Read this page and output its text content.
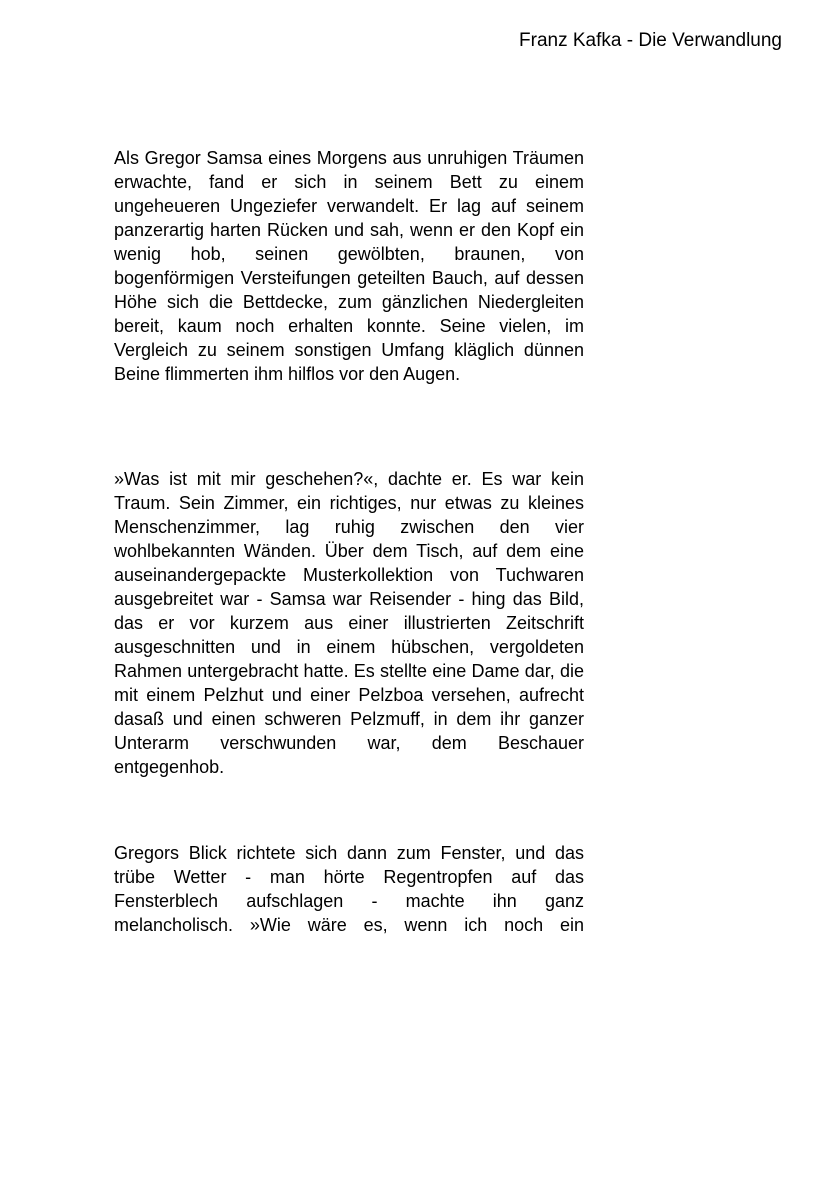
Franz Kafka - Die Verwandlung

Als Gregor Samsa eines Morgens aus unruhigen Träumen erwachte, fand er sich in seinem Bett zu einem ungeheueren Ungeziefer verwandelt. Er lag auf seinem panzerartig harten Rücken und sah, wenn er den Kopf ein wenig hob, seinen gewölbten, braunen, von bogenförmigen Versteifungen geteilten Bauch, auf dessen Höhe sich die Bettdecke, zum gänzlichen Niedergleiten bereit, kaum noch erhalten konnte. Seine vielen, im Vergleich zu seinem sonstigen Umfang kläglich dünnen Beine flimmerten ihm hilflos vor den Augen.

»Was ist mit mir geschehen?«, dachte er. Es war kein Traum. Sein Zimmer, ein richtiges, nur etwas zu kleines Menschenzimmer, lag ruhig zwischen den vier wohlbekannten Wänden. Über dem Tisch, auf dem eine auseinandergepackte Musterkollektion von Tuchwaren ausgebreitet war - Samsa war Reisender - hing das Bild, das er vor kurzem aus einer illustrierten Zeitschrift ausgeschnitten und in einem hübschen, vergoldeten Rahmen untergebracht hatte. Es stellte eine Dame dar, die mit einem Pelzhut und einer Pelzboa versehen, aufrecht dasaß und einen schweren Pelzmuff, in dem ihr ganzer Unterarm verschwunden war, dem Beschauer entgegenhob.

Gregors Blick richtete sich dann zum Fenster, und das trübe Wetter - man hörte Regentropfen auf das Fensterblech aufschlagen - machte ihn ganz melancholisch. »Wie wäre es, wenn ich noch ein
